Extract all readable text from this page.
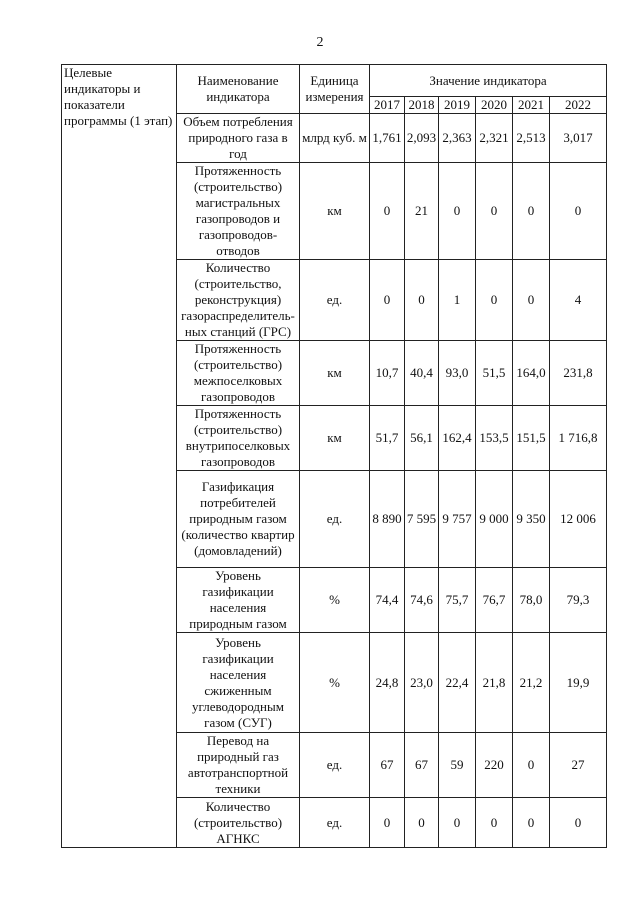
2
Целевые индикаторы и показатели программы (1 этап)	Наименование индикатора	Единица измерения	Значение индикатора					
			2017	2018	2019	2020	2021	2022
	Объем потребления природного газа в год	млрд куб. м	1,761	2,093	2,363	2,321	2,513	3,017
	Протяженность (строительство) магистральных газопроводов и газопроводов-отводов	км	0	21	0	0	0	0
	Количество (строительство, реконструкция) газораспределитель-ных станций (ГРС)	ед.	0	0	1	0	0	4
	Протяженность (строительство) межпоселковых газопроводов	км	10,7	40,4	93,0	51,5	164,0	231,8
	Протяженность (строительство) внутрипоселковых газопроводов	км	51,7	56,1	162,4	153,5	151,5	1 716,8
	Газификация потребителей природным газом (количество квартир (домовладений)	ед.	8 890	7 595	9 757	9 000	9 350	12 006
	Уровень газификации населения природным газом	%	74,4	74,6	75,7	76,7	78,0	79,3
	Уровень газификации населения сжиженным углеводородным газом (СУГ)	%	24,8	23,0	22,4	21,8	21,2	19,9
	Перевод на природный газ автотранспортной техники	ед.	67	67	59	220	0	27
	Количество (строительство) АГНКС	ед.	0	0	0	0	0	0
